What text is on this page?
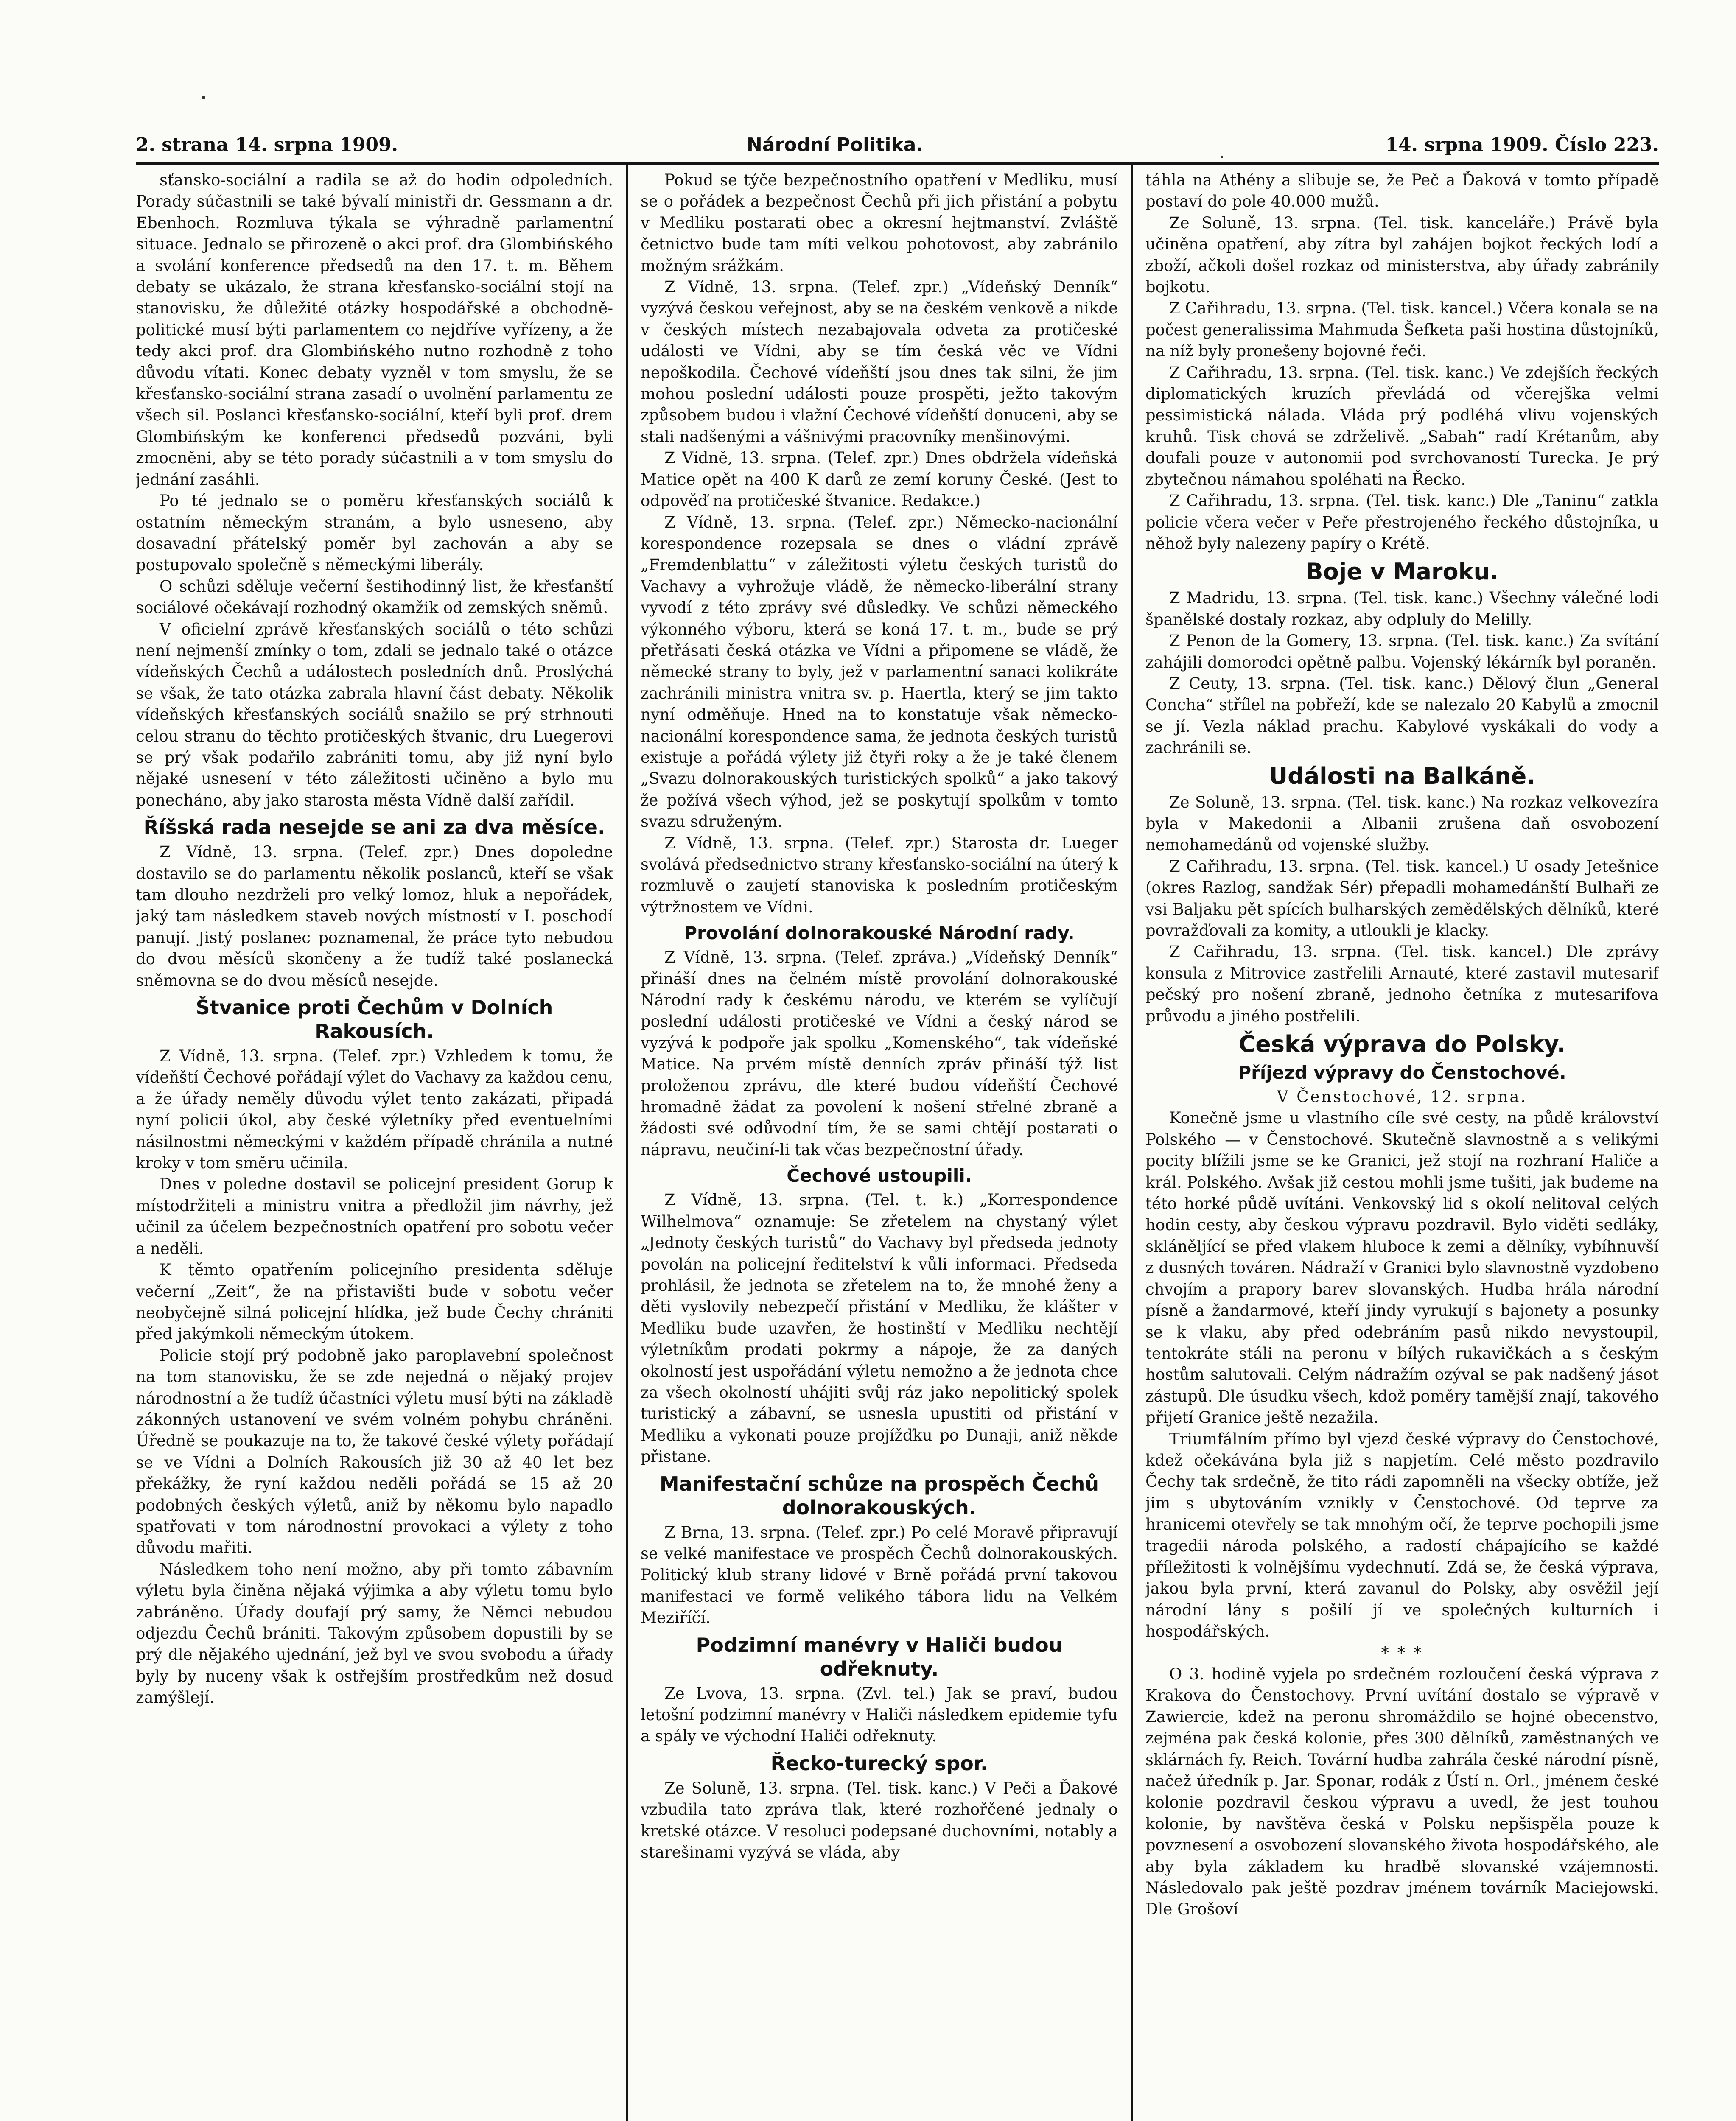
2. strana 14. srpna 1909.	Národní Politika.	14. srpna 1909. Číslo 223.
sťansko-sociální a radila se až do hodin odpoledních. Porady súčastnili se také bývalí ministři dr. Gessmann a dr. Ebenhoch. Rozmluva týkala se výhradně parlamentní situace. Jednalo se přirozeně o akci prof. dra Glombińského a svolání konference předsedů na den 17. t. m. Během debaty se ukázalo, že strana křesťansko-sociální stojí na stanovisku, že důležité otázky hospodářské a obchodně-politické musí býti parlamentem co nejdříve vyřízeny, a že tedy akci prof. dra Glombińského nutno rozhodně z toho důvodu vítati. Konec debaty vyzněl v tom smyslu, že se křesťansko-sociální strana zasadí o uvolnění parlamentu ze všech sil. Poslanci křesťansko-sociální, kteří byli prof. drem Glombińským ke konferenci předsedů pozváni, byli zmocněni, aby se této porady súčastnili a v tom smyslu do jednání zasáhli.
Po té jednalo se o poměru křesťanských sociálů k ostatním německým stranám, a bylo usneseno, aby dosavadní přátelský poměr byl zachován a aby se postupovalo společně s německými liberály.
O schůzi sděluje večerní šestihodinný list, že křesťanští sociálové očekávají rozhodný okamžik od zemských sněmů.
V oficielní zprávě křesťanských sociálů o této schůzi není nejmenší zmínky o tom, zdali se jednalo také o otázce vídeňských Čechů a událostech posledních dnů. Proslýchá se však, že tato otázka zabrala hlavní část debaty. Několik vídeňských křesťanských sociálů snažilo se prý strhnouti celou stranu do těchto protičeských štvanic, dru Luegerovi se prý však podařilo zabrániti tomu, aby již nyní bylo nějaké usnesení v této záležitosti učiněno a bylo mu ponecháno, aby jako starosta města Vídně další zařídil.
Říšská rada nesejde se ani za dva měsíce.
Z Vídně, 13. srpna. (Telef. zpr.) Dnes dopoledne dostavilo se do parlamentu několik poslanců, kteří se však tam dlouho nezdrželi pro velký lomoz, hluk a nepořádek, jaký tam následkem staveb nových místností v I. poschodí panují. Jistý poslanec poznamenal, že práce tyto nebudou do dvou měsíců skončeny a že tudíž také poslanecká sněmovna se do dvou měsíců nesejde.
Štvanice proti Čechům v Dolních Rakousích.
Z Vídně, 13. srpna. (Telef. zpr.) Vzhledem k tomu, že vídeňští Čechové pořádají výlet do Vachavy za každou cenu, a že úřady neměly důvodu výlet tento zakázati, připadá nyní policii úkol, aby české výletníky před eventuelními násilnostmi německými v každém případě chránila a nutné kroky v tom směru učinila.
Dnes v poledne dostavil se policejní president Gorup k místodržiteli a ministru vnitra a předložil jim návrhy, jež učinil za účelem bezpečnostních opatření pro sobotu večer a neděli.
K těmto opatřením policejního presidenta sděluje večerní „Zeit“, že na přistavišti bude v sobotu večer neobyčejně silná policejní hlídka, jež bude Čechy chrániti před jakýmkoli německým útokem.
Policie stojí prý podobně jako paroplavební společnost na tom stanovisku, že se zde nejedná o nějaký projev národnostní a že tudíž účastníci výletu musí býti na základě zákonných ustanovení ve svém volném pohybu chráněni. Úředně se poukazuje na to, že takové české výlety pořádají se ve Vídni a Dolních Rakousích již 30 až 40 let bez překážky, že ryní každou neděli pořádá se 15 až 20 podobných českých výletů, aniž by někomu bylo napadlo spatřovati v tom národnostní provokaci a výlety z toho důvodu mařiti.
Následkem toho není možno, aby při tomto zábavním výletu byla činěna nějaká výjimka a aby výletu tomu bylo zabráněno. Úřady doufají prý samy, že Němci nebudou odjezdu Čechů brániti. Takovým způsobem dopustili by se prý dle nějakého ujednání, jež byl ve svou svobodu a úřady byly by nuceny však k ostřejším prostředkům než dosud zamýšlejí.
Pokud se týče bezpečnostního opatření v Medliku, musí se o pořádek a bezpečnost Čechů při jich přistání a pobytu v Medliku postarati obec a okresní hejtmanství. Zvláště četnictvo bude tam míti velkou pohotovost, aby zabránilo možným srážkám.
Z Vídně, 13. srpna. (Telef. zpr.) „Vídeňský Denník“ vyzývá českou veřejnost, aby se na českém venkově a nikde v českých místech nezabajovala odveta za protičeské události ve Vídni, aby se tím česká věc ve Vídni nepoškodila. Čechové vídeňští jsou dnes tak silni, že jim mohou poslední události pouze prospěti, ježto takovým způsobem budou i vlažní Čechové vídeňští donuceni, aby se stali nadšenými a vášnivými pracovníky menšinovými.
Z Vídně, 13. srpna. (Telef. zpr.) Dnes obdržela vídeňská Matice opět na 400 K darů ze zemí koruny České. (Jest to odpověď na protičeské štvanice. Redakce.)
Z Vídně, 13. srpna. (Telef. zpr.) Německo-nacionální korespondence rozepsala se dnes o vládní zprávě „Fremdenblattu“ v záležitosti výletu českých turistů do Vachavy a vyhrožuje vládě, že německo-liberální strany vyvodí z této zprávy své důsledky. Ve schůzi německého výkonného výboru, která se koná 17. t. m., bude se prý přetřásati česká otázka ve Vídni a připomene se vládě, že německé strany to byly, jež v parlamentní sanaci kolikráte zachránili ministra vnitra sv. p. Haertla, který se jim takto nyní odměňuje. Hned na to konstatuje však německo-nacionální korespondence sama, že jednota českých turistů existuje a pořádá výlety již čtyři roky a že je také členem „Svazu dolnorakouských turistických spolků“ a jako takový že požívá všech výhod, jež se poskytují spolkům v tomto svazu sdruženým.
Z Vídně, 13. srpna. (Telef. zpr.) Starosta dr. Lueger svolává předsednictvo strany křesťansko-sociální na úterý k rozmluvě o zaujetí stanoviska k posledním protičeským výtržnostem ve Vídni.
Provolání dolnorakouské Národní rady.
Z Vídně, 13. srpna. (Telef. zpráva.) „Vídeňský Denník“ přináší dnes na čelném místě provolání dolnorakouské Národní rady k českému národu, ve kterém se vylíčují poslední události protičeské ve Vídni a český národ se vyzývá k podpoře jak spolku „Komenského“, tak vídeňské Matice. Na prvém místě denních zpráv přináší týž list proloženou zprávu, dle které budou vídeňští Čechové hromadně žádat za povolení k nošení střelné zbraně a žádosti své odůvodní tím, že se sami chtějí postarati o nápravu, neučiní-li tak včas bezpečnostní úřady.
Čechové ustoupili.
Z Vídně, 13. srpna. (Tel. t. k.) „Korrespondence Wilhelmova“ oznamuje: Se zřetelem na chystaný výlet „Jednoty českých turistů“ do Vachavy byl předseda jednoty povolán na policejní ředitelství k vůli informaci. Předseda prohlásil, že jednota se zřetelem na to, že mnohé ženy a děti vyslovily nebezpečí přistání v Medliku, že klášter v Medliku bude uzavřen, že hostinští v Medliku nechtějí výletníkům prodati pokrmy a nápoje, že za daných okolností jest uspořádání výletu nemožno a že jednota chce za všech okolností uhájiti svůj ráz jako nepolitický spolek turistický a zábavní, se usnesla upustiti od přistání v Medliku a vykonati pouze projížďku po Dunaji, aniž někde přistane.
Manifestační schůze na prospěch Čechů dolnorakouských.
Z Brna, 13. srpna. (Telef. zpr.) Po celé Moravě připravují se velké manifestace ve prospěch Čechů dolnorakouských. Politický klub strany lidové v Brně pořádá první takovou manifestaci ve formě velikého tábora lidu na Velkém Meziříčí.
Podzimní manévry v Haliči budou odřeknuty.
Ze Lvova, 13. srpna. (Zvl. tel.) Jak se praví, budou letošní podzimní manévry v Haliči následkem epidemie tyfu a spály ve východní Haliči odřeknuty.
Řecko-turecký spor.
Ze Soluně, 13. srpna. (Tel. tisk. kanc.) V Peči a Ďakové vzbudila tato zpráva tlak, které rozhořčené jednaly o kretské otázce. V resoluci podepsané duchovními, notably a starešinami vyzývá se vláda, aby
táhla na Athény a slibuje se, že Peč a Ďaková v tomto případě postaví do pole 40.000 mužů.
Ze Soluně, 13. srpna. (Tel. tisk. kanceláře.) Právě byla učiněna opatření, aby zítra byl zahájen bojkot řeckých lodí a zboží, ačkoli došel rozkaz od ministerstva, aby úřady zabránily bojkotu.
Z Cařihradu, 13. srpna. (Tel. tisk. kancel.) Včera konala se na počest generalissima Mahmuda Šefketa paši hostina důstojníků, na níž byly pronešeny bojovné řeči.
Z Cařihradu, 13. srpna. (Tel. tisk. kanc.) Ve zdejších řeckých diplomatických kruzích převládá od včerejška velmi pessimistická nálada. Vláda prý podléhá vlivu vojenských kruhů. Tisk chová se zdrželivě. „Sabah“ radí Krétanům, aby doufali pouze v autonomii pod svrchovaností Turecka. Je prý zbytečnou námahou spoléhati na Řecko.
Z Cařihradu, 13. srpna. (Tel. tisk. kanc.) Dle „Taninu“ zatkla policie včera večer v Peře přestrojeného řeckého důstojníka, u něhož byly nalezeny papíry o Krétě.
Boje v Maroku.
Z Madridu, 13. srpna. (Tel. tisk. kanc.) Všechny válečné lodi španělské dostaly rozkaz, aby odpluly do Melilly.
Z Penon de la Gomery, 13. srpna. (Tel. tisk. kanc.) Za svítání zahájili domorodci opětně palbu. Vojenský lékárník byl poraněn.
Z Ceuty, 13. srpna. (Tel. tisk. kanc.) Dělový člun „General Concha“ střílel na pobřeží, kde se nalezalo 20 Kabylů a zmocnil se jí. Vezla náklad prachu. Kabylové vyskákali do vody a zachránili se.
Události na Balkáně.
Ze Soluně, 13. srpna. (Tel. tisk. kanc.) Na rozkaz velkovezíra byla v Makedonii a Albanii zrušena daň osvobození nemohamedánů od vojenské služby.
Z Cařihradu, 13. srpna. (Tel. tisk. kancel.) U osady Jetešnice (okres Razlog, sandžak Sér) přepadli mohamedánští Bulhaři ze vsi Baljaku pět spících bulharských zemědělských dělníků, které povražďovali za komity, a utloukli je klacky.
Z Cařihradu, 13. srpna. (Tel. tisk. kancel.) Dle zprávy konsula z Mitrovice zastřelili Arnauté, které zastavil mutesarif pečský pro nošení zbraně, jednoho četníka z mutesarifova průvodu a jiného postřelili.
Česká výprava do Polsky.
Příjezd výpravy do Čenstochové.
V Čenstochové, 12. srpna.
Konečně jsme u vlastního cíle své cesty, na půdě království Polského — v Čenstochové. Skutečně slavnostně a s velikými pocity blížili jsme se ke Granici, jež stojí na rozhraní Haliče a král. Polského. Avšak již cestou mohli jsme tušiti, jak budeme na této horké půdě uvítáni. Venkovský lid s okolí nelitoval celých hodin cesty, aby českou výpravu pozdravil. Bylo viděti sedláky, skláněljící se před vlakem hluboce k zemi a dělníky, vybíhnuvší z dusných továren. Nádraží v Granici bylo slavnostně vyzdobeno chvojím a prapory barev slovanských. Hudba hrála národní písně a žandarmové, kteří jindy vyrukují s bajonety a posunky se k vlaku, aby před odebráním pasů nikdo nevystoupil, tentokráte stáli na peronu v bílých rukavičkách a s českým hostům salutovali. Celým nádražím ozýval se pak nadšený jásot zástupů. Dle úsudku všech, kdož poměry tamější znají, takového přijetí Granice ještě nezažila.
Triumfálním přímo byl vjezd české výpravy do Čenstochové, kdež očekávána byla již s napjetím. Celé město pozdravilo Čechy tak srdečně, že tito rádi zapomněli na všecky obtíže, jež jim s ubytováním vznikly v Čenstochové. Od teprve za hranicemi otevřely se tak mnohým očí, že teprve pochopili jsme tragedii národa polského, a radostí chápajícího se každé příležitosti k volnějšímu vydechnutí. Zdá se, že česká výprava, jakou byla první, která zavanul do Polsky, aby osvěžil její národní lány s pošilí jí ve společných kulturních i hospodářských.
* * *
O 3. hodině vyjela po srdečném rozloučení česká výprava z Krakova do Čenstochovy. První uvítání dostalo se výpravě v Zawiercie, kdež na peronu shromáždilo se hojné obecenstvo, zejména pak česká kolonie, přes 300 dělníků, zaměstnaných ve sklárnách fy. Reich. Tovární hudba zahrála české národní písně, načež úředník p. Jar. Sponar, rodák z Ústí n. Orl., jménem české kolonie pozdravil českou výpravu a uvedl, že jest touhou kolonie, by navštěva česká v Polsku nepšispěla pouze k povznesení a osvobození slovanského života hospodářského, ale aby byla základem ku hradbě slovanské vzájemnosti. Následovalo pak ještě pozdrav jménem továrník Maciejowski. Dle Grošoví
